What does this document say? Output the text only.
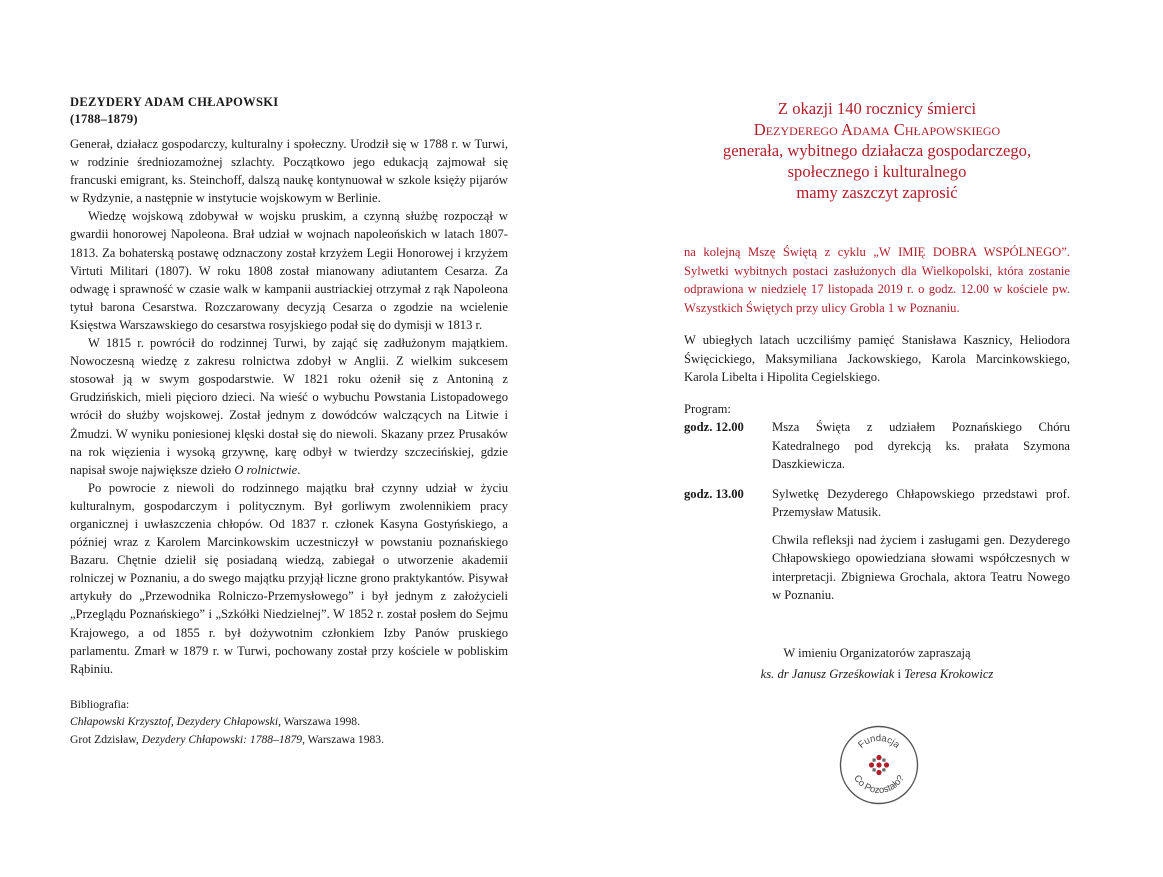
DEZYDERY ADAM CHŁAPOWSKI
(1788–1879)

Generał, działacz gospodarczy, kulturalny i społeczny. Urodził się w 1788 r. w Turwi, w rodzinie średniozamożnej szlachty. Początkowo jego edukacją zajmował się francuski emigrant, ks. Steinchoff, dalszą naukę kontynuował w szkole księży pijarów w Rydzynie, a następnie w instytucie wojskowym w Berlinie.

Wiedzę wojskową zdobywał w wojsku pruskim, a czynną służbę rozpoczął w gwardii honorowej Napoleona. Brał udział w wojnach napoleońskich w latach 1807-1813. Za bohaterską postawę odznaczony został krzyżem Legii Honorowej i krzyżem Virtuti Militari (1807). W roku 1808 został mianowany adiutantem Cesarza. Za odwagę i sprawność w czasie walk w kampanii austriackiej otrzymał z rąk Napoleona tytuł barona Cesarstwa. Rozczarowany decyzją Cesarza o zgodzie na wcielenie Księstwa Warszawskiego do cesarstwa rosyjskiego podał się do dymisji w 1813 r.

W 1815 r. powrócił do rodzinnej Turwi, by zająć się zadłużonym majątkiem. Nowoczesną wiedzę z zakresu rolnictwa zdobył w Anglii. Z wielkim sukcesem stosował ją w swym gospodarstwie. W 1821 roku ożenił się z Antoniną z Grudzińskich, mieli pięcioro dzieci. Na wieść o wybuchu Powstania Listopadowego wrócił do służby wojskowej. Został jednym z dowódców walczących na Litwie i Żmudzi. W wyniku poniesionej klęski dostał się do niewoli. Skazany przez Prusaków na rok więzienia i wysoką grzywnę, karę odbył w twierdzy szczecińskiej, gdzie napisał swoje największe dzieło O rolnictwie.

Po powrocie z niewoli do rodzinnego majątku brał czynny udział w życiu kulturalnym, gospodarczym i politycznym. Był gorliwym zwolennikiem pracy organicznej i uwłaszczenia chłopów. Od 1837 r. członek Kasyna Gostyńskiego, a później wraz z Karolem Marcinkowskim uczestniczył w powstaniu poznańskiego Bazaru. Chętnie dzielił się posiadaną wiedzą, zabiegał o utworzenie akademii rolniczej w Poznaniu, a do swego majątku przyjął liczne grono praktykantów. Pisywał artykuły do „Przewodnika Rolniczo-Przemysłowego” i był jednym z założycieli „Przeglądu Poznańskiego” i „Szkółki Niedzielnej”. W 1852 r. został posłem do Sejmu Krajowego, a od 1855 r. był dożywotnim członkiem Izby Panów pruskiego parlamentu. Zmarł w 1879 r. w Turwi, pochowany został przy kościele w pobliskim Rąbiniu.

Bibliografia:
Chłapowski Krzysztof, Dezydery Chłapowski, Warszawa 1998.
Grot Zdzisław, Dezydery Chłapowski: 1788–1879, Warszawa 1983.
Z okazji 140 rocznicy śmierci
Dezyderego Adama Chłapowskiego
generała, wybitnego działacza gospodarczego,
społecznego i kulturalnego
mamy zaszczyt zaprosić
na kolejną Mszę Świętą z cyklu „W IMIĘ DOBRA WSPÓLNEGO”. Sylwetki wybitnych postaci zasłużonych dla Wielkopolski, która zostanie odprawiona w niedzielę 17 listopada 2019 r. o godz. 12.00 w kościele pw. Wszystkich Świętych przy ulicy Grobla 1 w Poznaniu.
W ubiegłych latach uczciliśmy pamięć Stanisława Kasznicy, Heliodora Święcickiego, Maksymiliana Jackowskiego, Karola Marcinkowskiego, Karola Libelta i Hipolita Cegielskiego.
Program:
godz. 12.00	Msza Święta z udziałem Poznańskiego Chóru Katedralnego pod dyrekcją ks. prałata Szymona Daszkiewicza.

godz. 13.00	Sylwetkę Dezyderego Chłapowskiego przedstawi prof. Przemysław Matusik.

Chwila refleksji nad życiem i zasługami gen. Dezyderego Chłapowskiego opowiedziana słowami współczesnych w interpretacji. Zbigniewa Grochala, aktora Teatru Nowego w Poznaniu.

W imieniu Organizatorów zapraszają
ks. dr Janusz Grześkowiak i Teresa Krokowicz
Fundacja
Co Pozostało?
